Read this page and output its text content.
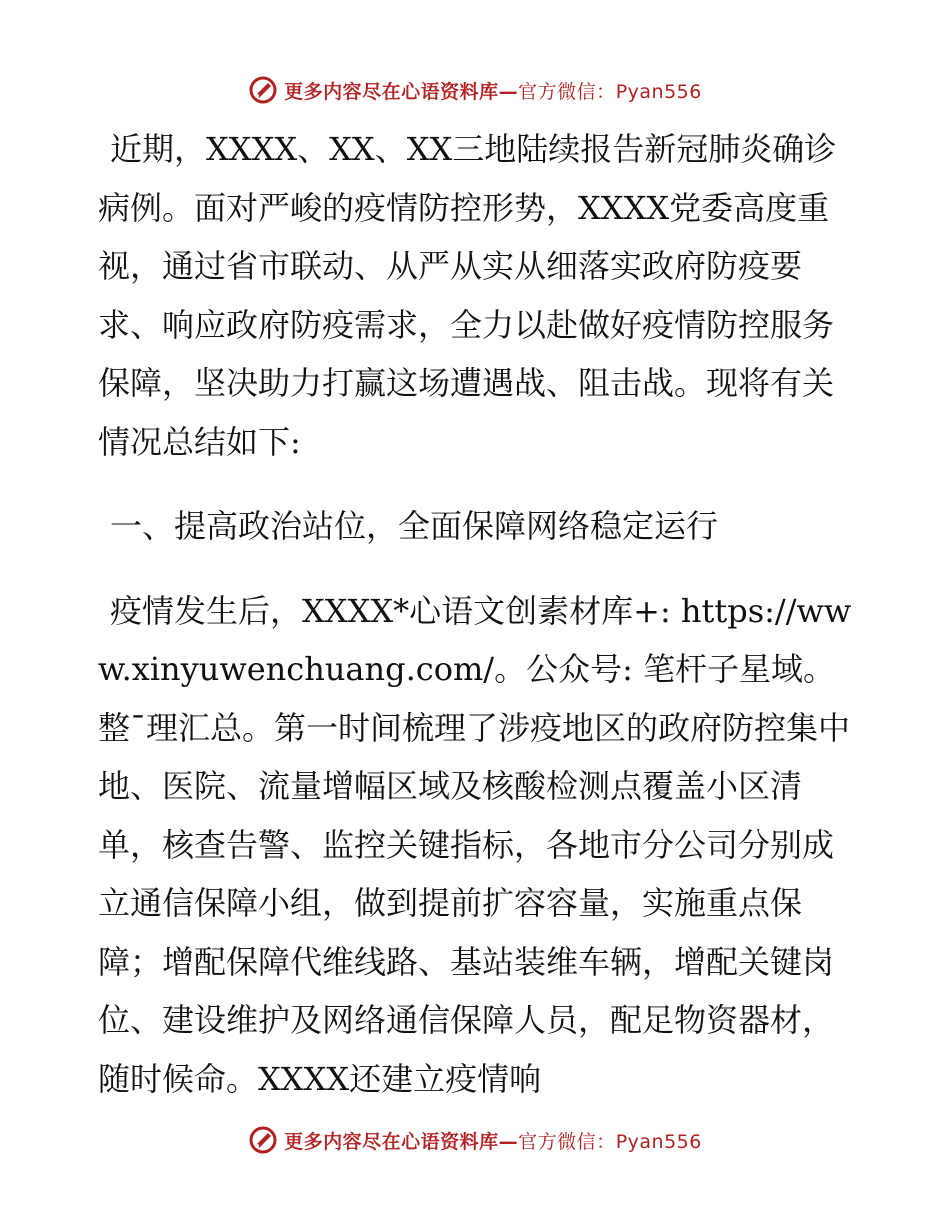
更多内容尽在心语资料库—官方微信：Pyan556

近期，XXXX、XX、XX三地陆续报告新冠肺炎确诊病例。面对严峻的疫情防控形势，XXXX党委高度重视，通过省市联动、从严从实从细落实政府防疫要求、响应政府防疫需求，全力以赴做好疫情防控服务保障，坚决助力打赢这场遭遇战、阻击战。现将有关情况总结如下:

一、提高政治站位，全面保障网络稳定运行

疫情发生后，XXXX*心语文创素材库+: https://www.xinyuwenchuang.com/。公众号: 笔杆子星域。整¯理汇总。第一时间梳理了涉疫地区的政府防控集中地、医院、流量增幅区域及核酸检测点覆盖小区清单，核查告警、监控关键指标，各地市分公司分别成立通信保障小组，做到提前扩容容量，实施重点保障；增配保障代维线路、基站装维车辆，增配关键岗位、建设维护及网络通信保障人员，配足物资器材，随时候命。XXXX还建立疫情响

更多内容尽在心语资料库—官方微信：Pyan556
